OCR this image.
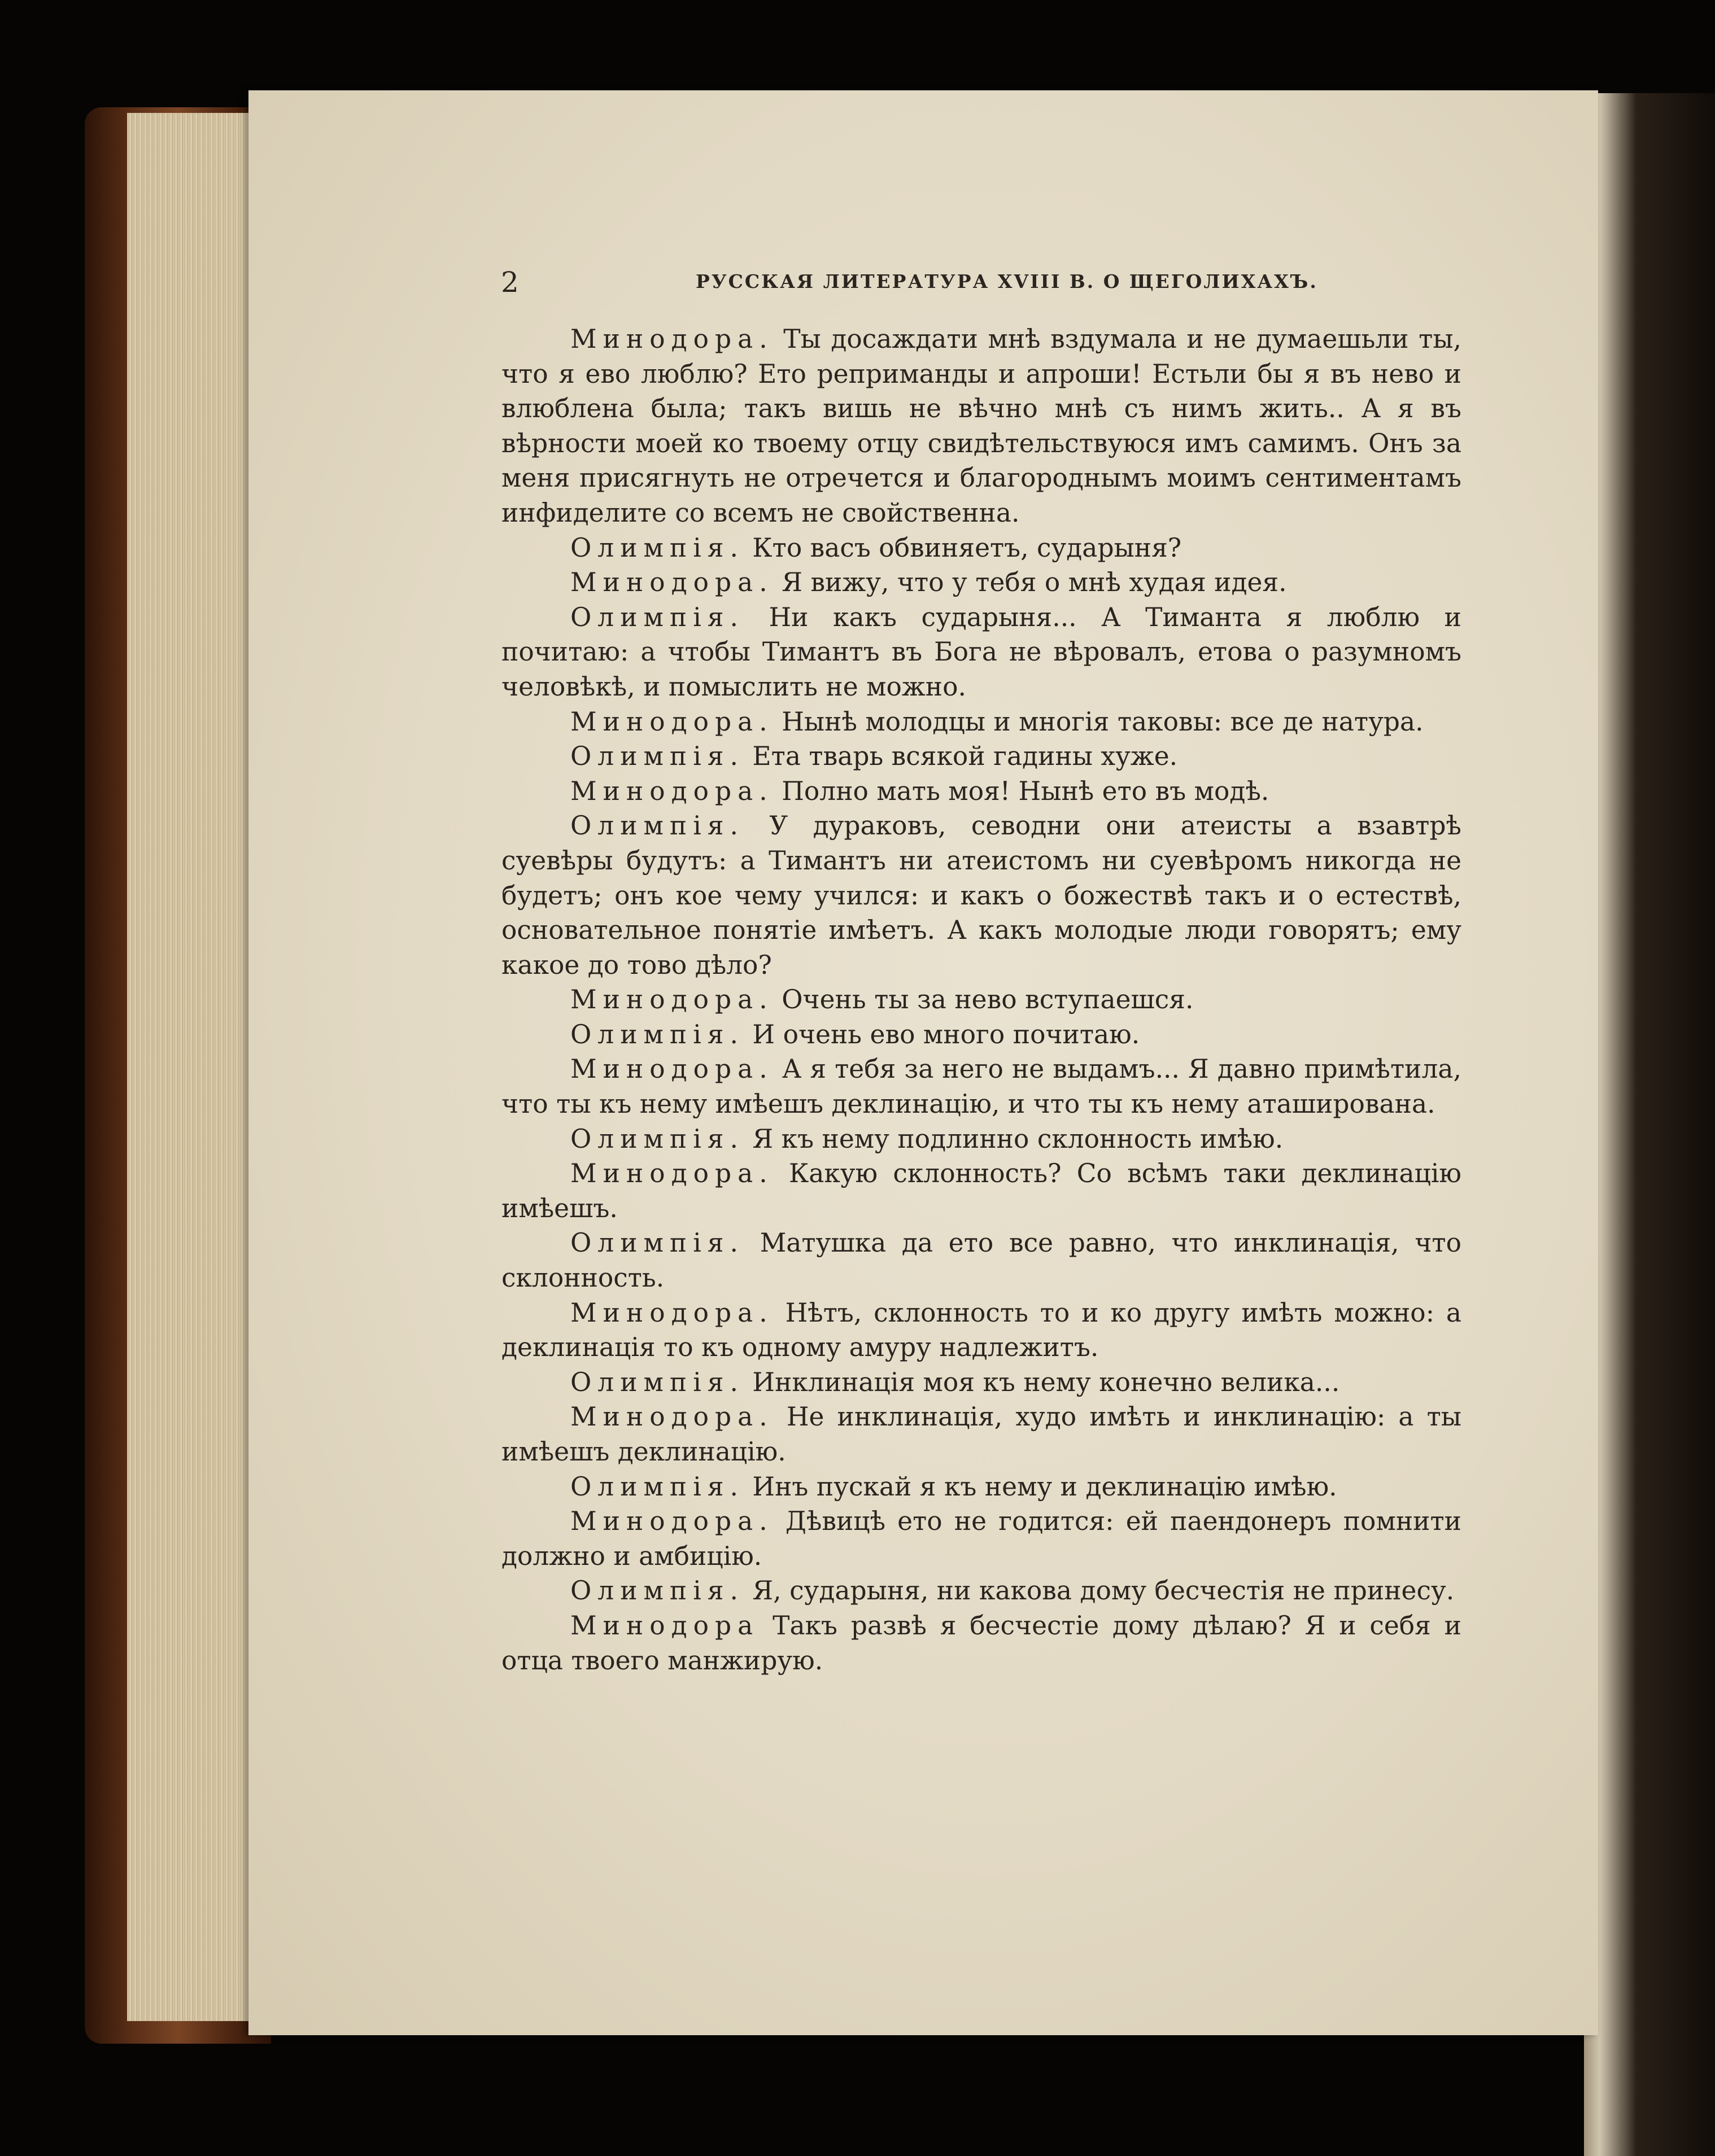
2	РУССКАЯ ЛИТЕРАТУРА XVIII В. О ЩЕГОЛИХАХЪ.

Минодора. Ты досаждати мнѣ вздумала и не думаешьли ты, что я ево люблю? Ето реприманды и апроши! Естьли бы я въ нево и влюблена была; такъ вишь не вѣчно мнѣ съ нимъ жить.. А я въ вѣрности моей ко твоему отцу свидѣтельствуюся имъ самимъ. Онъ за меня присягнуть не отречется и благороднымъ моимъ сентиментамъ инфиделите со всемъ не свойственна.

Олимпія. Кто васъ обвиняетъ, сударыня?

Минодора. Я вижу, что у тебя о мнѣ худая идея.

Олимпія. Ни какъ сударыня... А Тиманта я люблю и почитаю: а чтобы Тимантъ въ Бога не вѣровалъ, етова о разумномъ человѣкѣ, и помыслить не можно.

Минодора. Нынѣ молодцы и многія таковы: все де натура.

Олимпія. Ета тварь всякой гадины хуже.

Минодора. Полно мать моя! Нынѣ ето въ модѣ.

Олимпія. У дураковъ, севодни они атеисты а взавтрѣ суевѣры будутъ: а Тимантъ ни атеистомъ ни суевѣромъ никогда не будетъ; онъ кое чему учился: и какъ о божествѣ такъ и о естествѣ, основательное понятіе имѣетъ. А какъ молодые люди говорятъ; ему какое до тово дѣло?

Минодора. Очень ты за нево вступаешся.

Олимпія. И очень ево много почитаю.

Минодора. А я тебя за него не выдамъ... Я давно примѣтила, что ты къ нему имѣешъ деклинацію, и что ты къ нему аташирована.

Олимпія. Я къ нему подлинно склонность имѣю.

Минодора. Какую склонность? Со всѣмъ таки деклинацію имѣешъ.

Олимпія. Матушка да ето все равно, что инклинація, что склонность.

Минодора. Нѣтъ, склонность то и ко другу имѣть можно: а деклинація то къ одному амуру надлежитъ.

Олимпія. Инклинація моя къ нему конечно велика...

Минодора. Не инклинація, худо имѣть и инклинацію: а ты имѣешъ деклинацію.

Олимпія. Инъ пускай я къ нему и деклинацію имѣю.

Минодора. Дѣвицѣ ето не годится: ей паендонеръ помнити должно и амбицію.

Олимпія. Я, сударыня, ни какова дому бесчестія не принесу.

Минодора Такъ развѣ я бесчестіе дому дѣлаю? Я и себя и отца твоего манжирую.
